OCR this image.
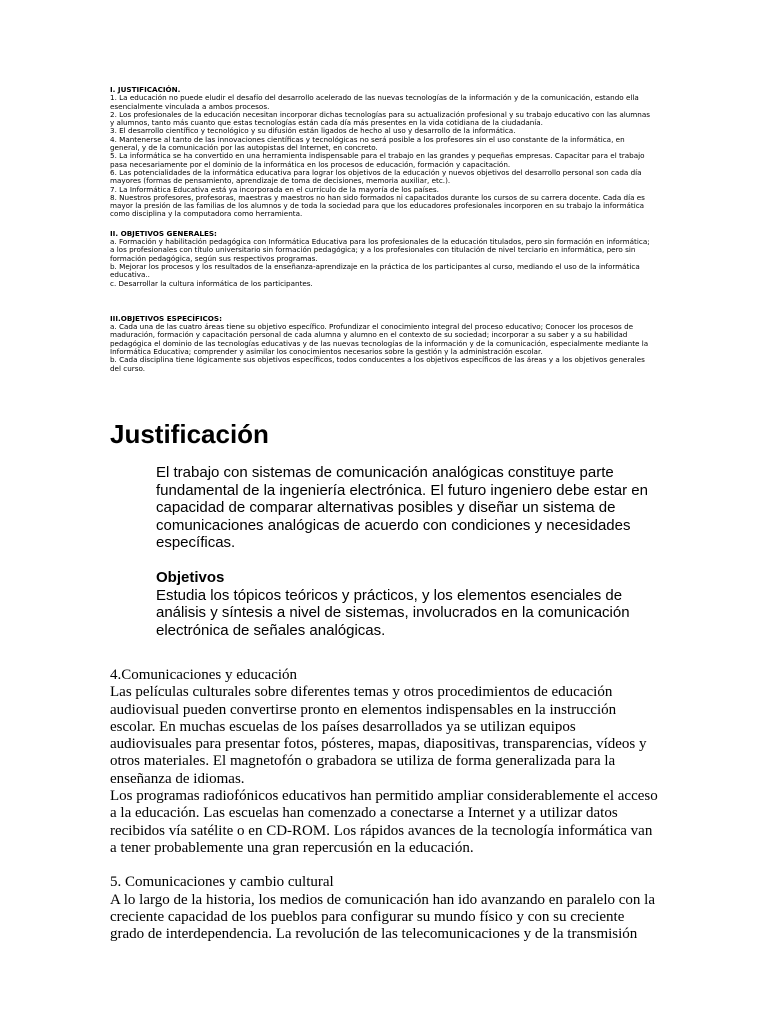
I. JUSTIFICACIÓN.

1. La educación no puede eludir el desafío del desarrollo acelerado de las nuevas tecnologías de la información y de la comunicación, estando ella esencialmente vinculada a ambos procesos.

2. Los profesionales de la educación necesitan incorporar dichas tecnologías para su actualización profesional y su trabajo educativo con las alumnas y alumnos, tanto más cuanto que estas tecnologías están cada día más presentes en la vida cotidiana de la ciudadanía.

3. El desarrollo científico y tecnológico y su difusión están ligados de hecho al uso y desarrollo de la informática.

4. Mantenerse al tanto de las innovaciones científicas y tecnológicas no será posible a los profesores sin el uso constante de la informática, en general, y de la comunicación por las autopistas del Internet, en concreto.

5. La informática se ha convertido en una herramienta indispensable para el trabajo en las grandes y pequeñas empresas. Capacitar para el trabajo pasa necesariamente por el dominio de la informática en los procesos de educación, formación y capacitación.

6. Las potencialidades de la informática educativa para lograr los objetivos de la educación y nuevos objetivos del desarrollo personal son cada día mayores (formas de pensamiento, aprendizaje de toma de decisiones, memoria auxiliar, etc.).

7. La Informática Educativa está ya incorporada en el currículo de la mayoría de los países.

8. Nuestros profesores, profesoras, maestras y maestros no han sido formados ni capacitados durante los cursos de su carrera docente. Cada día es mayor la presión de las familias de los alumnos y de toda la sociedad para que los educadores profesionales incorporen en su trabajo la informática como disciplina y la computadora como herramienta.

II. OBJETIVOS GENERALES:

a. Formación y habilitación pedagógica con Informática Educativa para los profesionales de la educación titulados, pero sin formación en informática; a los profesionales con título universitario sin formación pedagógica; y a los profesionales con titulación de nivel terciario en informática, pero sin formación pedagógica, según sus respectivos programas.

b. Mejorar los procesos y los resultados de la enseñanza-aprendizaje en la práctica de los participantes al curso, mediando el uso de la informática educativa..

c. Desarrollar la cultura informática de los participantes.

III.OBJETIVOS ESPECÍFICOS:

a. Cada una de las cuatro áreas tiene su objetivo específico. Profundizar el conocimiento integral del proceso educativo; Conocer los procesos de maduración, formación y capacitación personal de cada alumna y alumno en el contexto de su sociedad; incorporar a su saber y a su habilidad pedagógica el dominio de las tecnologías educativas y de las nuevas tecnologías de la información y de la comunicación, especialmente mediante la Informática Educativa; comprender y asimilar los conocimientos necesarios sobre la gestión y la administración escolar.

b. Cada disciplina tiene lógicamente sus objetivos específicos, todos conducentes a los objetivos específicos de las áreas y a los objetivos generales del curso.

Justificación

El trabajo con sistemas de comunicación analógicas constituye parte fundamental de la ingeniería electrónica. El futuro ingeniero debe estar en capacidad de comparar alternativas posibles y diseñar un sistema de comunicaciones analógicas de acuerdo con condiciones y necesidades específicas.

Objetivos

Estudia los tópicos teóricos y prácticos, y los elementos esenciales de análisis y síntesis a nivel de sistemas, involucrados en la comunicación electrónica de señales analógicas.

4.Comunicaciones y educación

Las películas culturales sobre diferentes temas y otros procedimientos de educación audiovisual pueden convertirse pronto en elementos indispensables en la instrucción escolar. En muchas escuelas de los países desarrollados ya se utilizan equipos audiovisuales para presentar fotos, pósteres, mapas, diapositivas, transparencias, vídeos y otros materiales. El magnetofón o grabadora se utiliza de forma generalizada para la enseñanza de idiomas.

Los programas radiofónicos educativos han permitido ampliar considerablemente el acceso a la educación. Las escuelas han comenzado a conectarse a Internet y a utilizar datos recibidos vía satélite o en CD-ROM. Los rápidos avances de la tecnología informática van a tener probablemente una gran repercusión en la educación.

5. Comunicaciones y cambio cultural

A lo largo de la historia, los medios de comunicación han ido avanzando en paralelo con la creciente capacidad de los pueblos para configurar su mundo físico y con su creciente grado de interdependencia. La revolución de las telecomunicaciones y de la transmisión
